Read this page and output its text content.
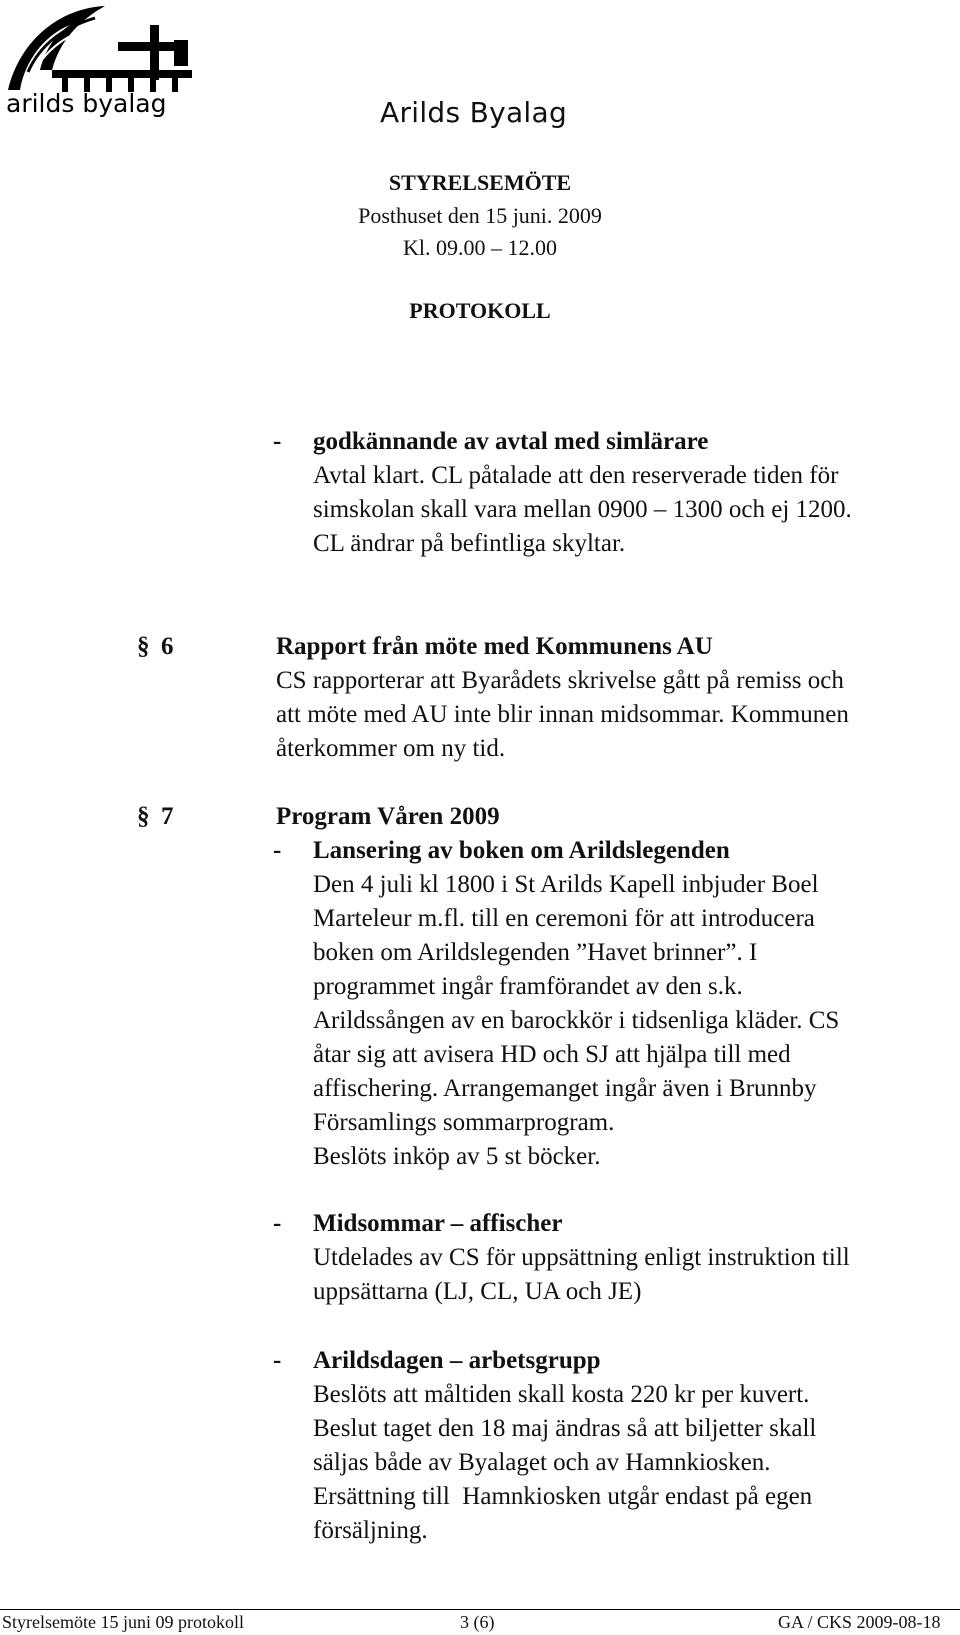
arilds byalag	Arilds Byalag
STYRELSEMÖTE
Posthuset den 15 juni. 2009
Kl. 09.00 – 12.00
PROTOKOLL
- godkännande av avtal med simlärare
Avtal klart. CL påtalade att den reserverade tiden för
simskolan skall vara mellan 0900 – 1300 och ej 1200.
CL ändrar på befintliga skyltar.
§ 6	Rapport från möte med Kommunens AU
CS rapporterar att Byarådets skrivelse gått på remiss och
att möte med AU inte blir innan midsommar. Kommunen
återkommer om ny tid.
§ 7	Program Våren 2009
- Lansering av boken om Arildslegenden
Den 4 juli kl 1800 i St Arilds Kapell inbjuder Boel
Marteleur m.fl. till en ceremoni för att introducera
boken om Arildslegenden ”Havet brinner”. I
programmet ingår framförandet av den s.k.
Arildssången av en barockkör i tidsenliga kläder. CS
åtar sig att avisera HD och SJ att hjälpa till med
affischering. Arrangemanget ingår även i Brunnby
Församlings sommarprogram.
Beslöts inköp av 5 st böcker.
- Midsommar – affischer
Utdelades av CS för uppsättning enligt instruktion till
uppsättarna (LJ, CL, UA och JE)
- Arildsdagen – arbetsgrupp
Beslöts att måltiden skall kosta 220 kr per kuvert.
Beslut taget den 18 maj ändras så att biljetter skall
säljas både av Byalaget och av Hamnkiosken.
Ersättning till  Hamnkiosken utgår endast på egen
försäljning.
Styrelsemöte 15 juni 09 protokoll	3 (6)	GA / CKS 2009-08-18
